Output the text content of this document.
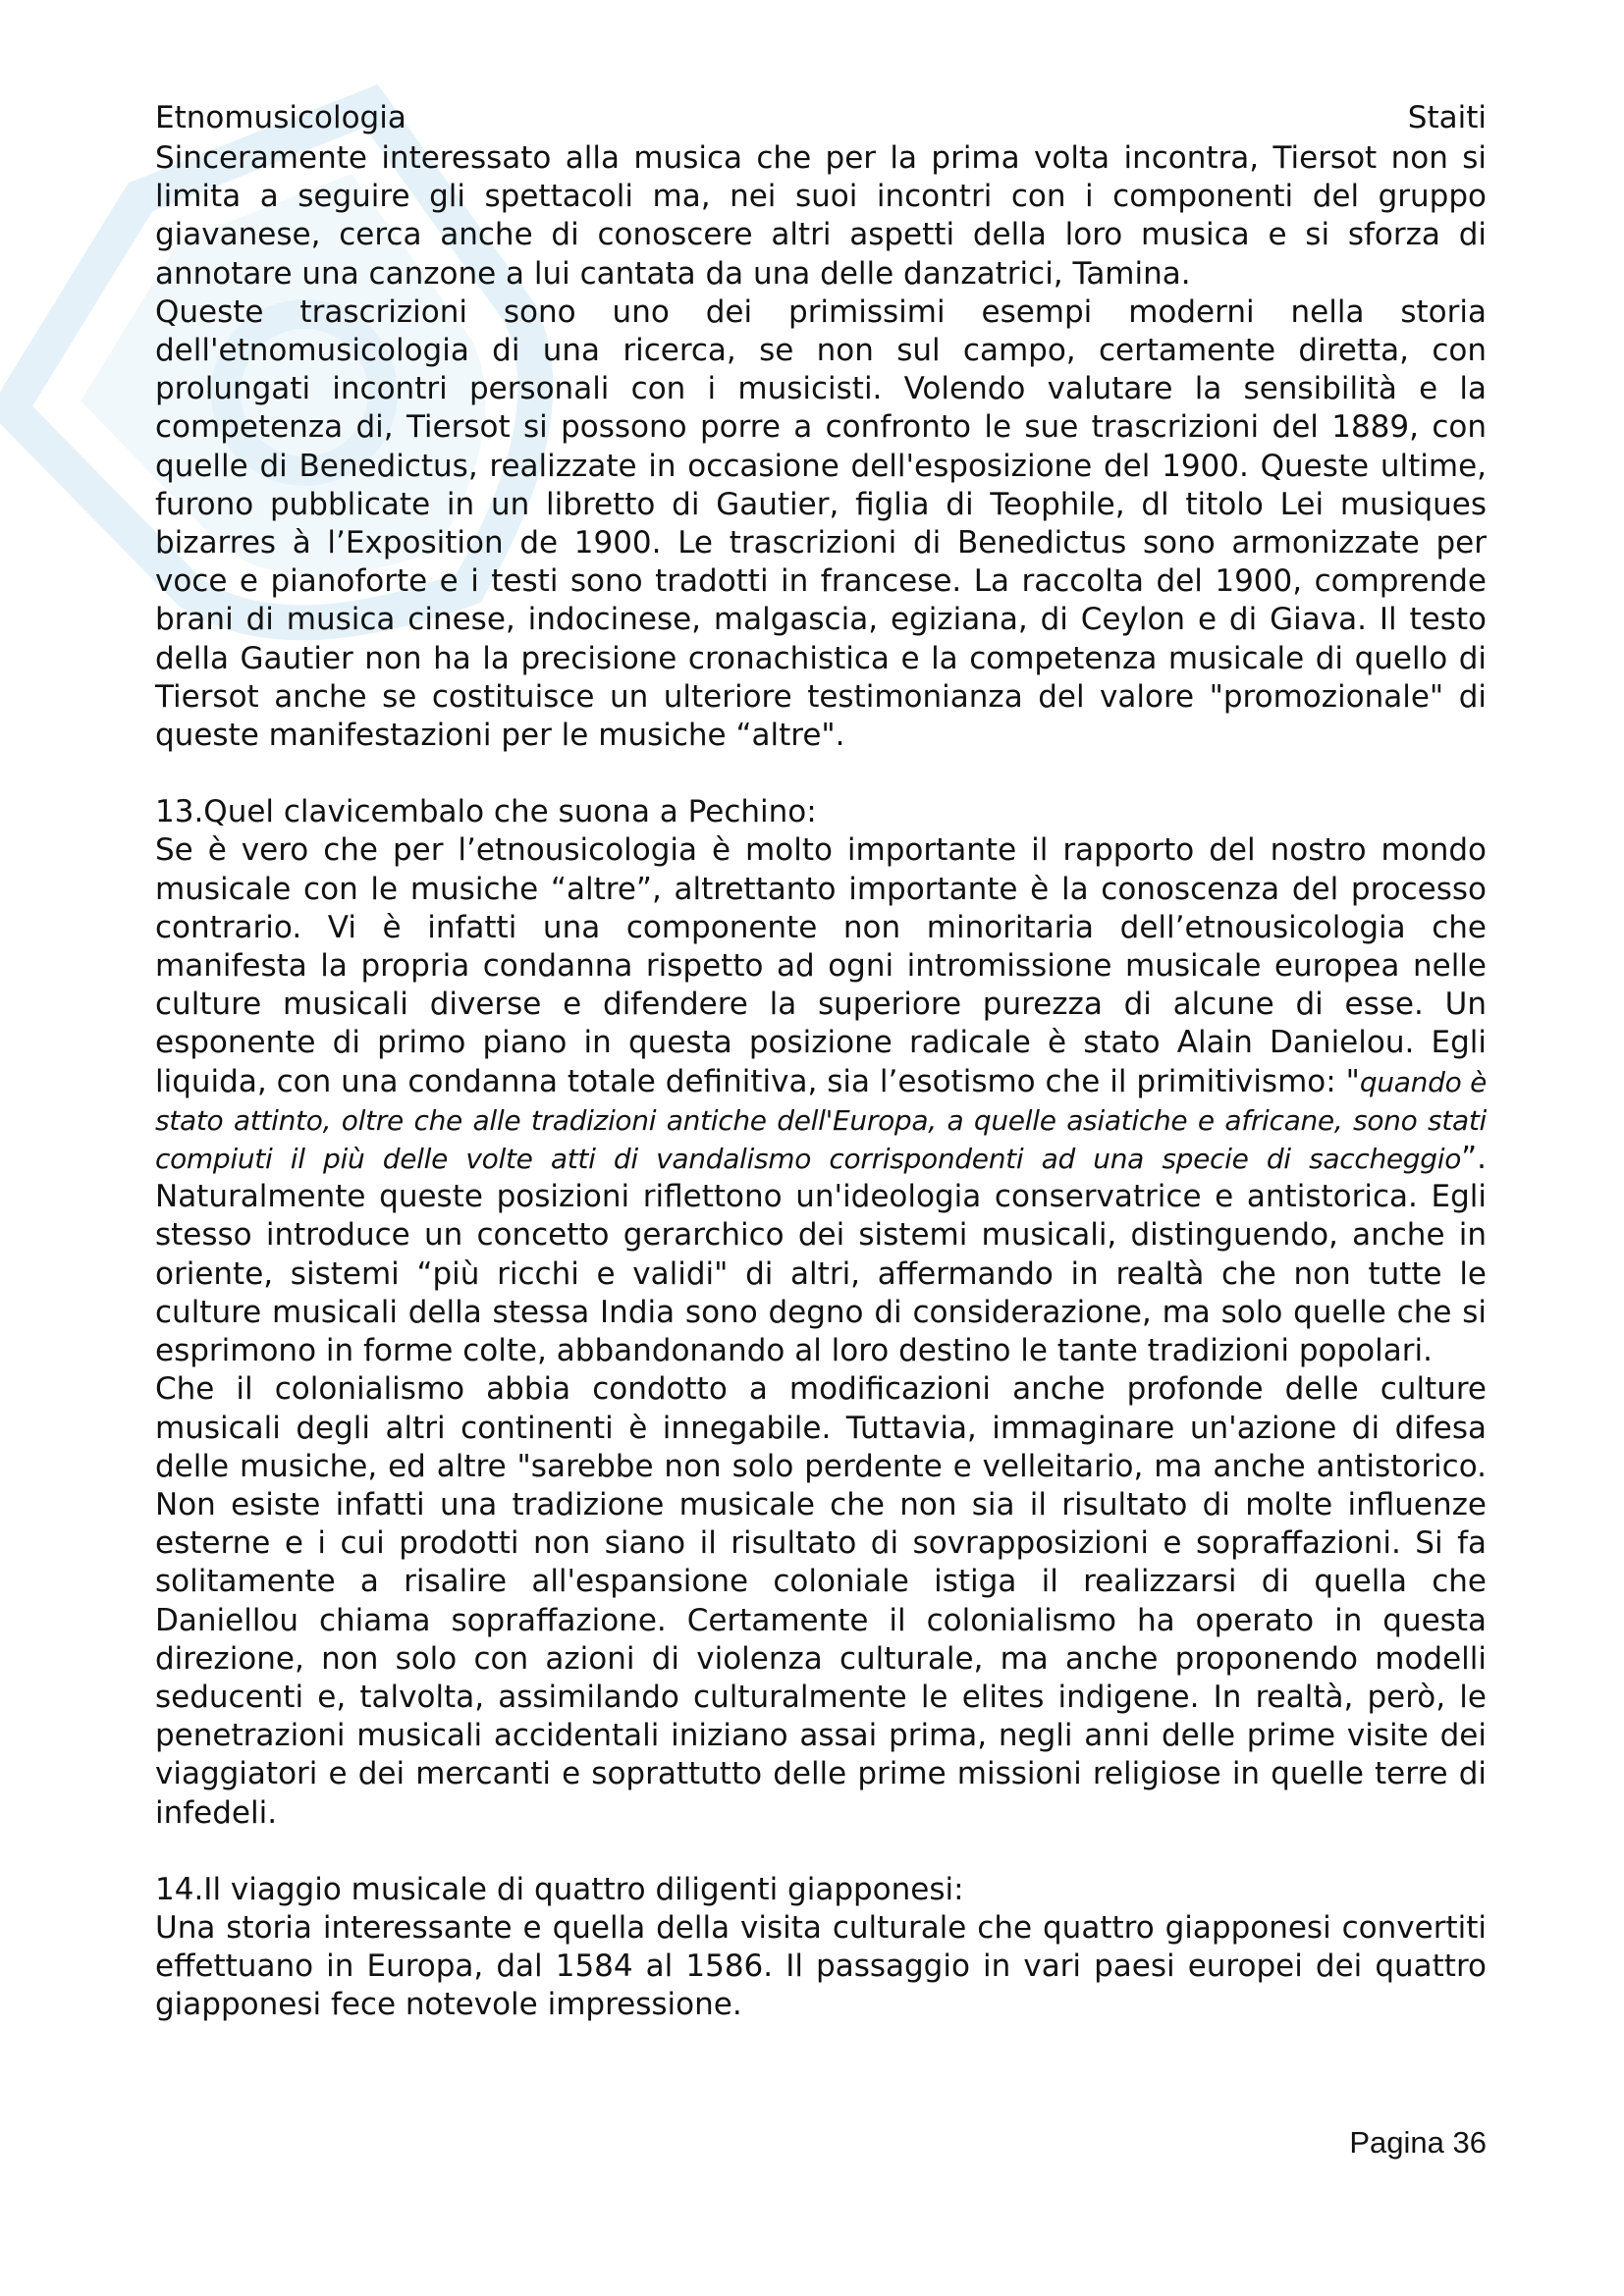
Etnomusicologia	Staiti

Sinceramente interessato alla musica che per la prima volta incontra, Tiersot non si limita a seguire gli spettacoli ma, nei suoi incontri con i componenti del gruppo giavanese, cerca anche di conoscere altri aspetti della loro musica e si sforza di annotare una canzone a lui cantata da una delle danzatrici, Tamina.

Queste trascrizioni sono uno dei primissimi esempi moderni nella storia dell'etnomusicologia di una ricerca, se non sul campo, certamente diretta, con prolungati incontri personali con i musicisti. Volendo valutare la sensibilità e la competenza di, Tiersot si possono porre a confronto le sue trascrizioni del 1889, con quelle di Benedictus, realizzate in occasione dell'esposizione del 1900. Queste ultime, furono pubblicate in un libretto di Gautier, figlia di Teophile, dl titolo Lei musiques bizarres à l’Exposition de 1900. Le trascrizioni di Benedictus sono armonizzate per voce e pianoforte e i testi sono tradotti in francese. La raccolta del 1900, comprende brani di musica cinese, indocinese, malgascia, egiziana, di Ceylon e di Giava. Il testo della Gautier non ha la precisione cronachistica e la competenza musicale di quello di Tiersot anche se costituisce un ulteriore testimonianza del valore "promozionale" di queste manifestazioni per le musiche “altre".

13.Quel clavicembalo che suona a Pechino:

Se è vero che per l’etnousicologia è molto importante il rapporto del nostro mondo musicale con le musiche “altre”, altrettanto importante è la conoscenza del processo contrario. Vi è infatti una componente non minoritaria dell’etnousicologia che manifesta la propria condanna rispetto ad ogni intromissione musicale europea nelle culture musicali diverse e difendere la superiore purezza di alcune di esse. Un esponente di primo piano in questa posizione radicale è stato Alain Danielou. Egli liquida, con una condanna totale definitiva, sia l’esotismo che il primitivismo: "quando è stato attinto, oltre che alle tradizioni antiche dell'Europa, a quelle asiatiche e africane, sono stati compiuti il più delle volte atti di vandalismo corrispondenti ad una specie di saccheggio”. Naturalmente queste posizioni riflettono un'ideologia conservatrice e antistorica. Egli stesso introduce un concetto gerarchico dei sistemi musicali, distinguendo, anche in oriente, sistemi “più ricchi e validi" di altri, affermando in realtà che non tutte le culture musicali della stessa India sono degno di considerazione, ma solo quelle che si esprimono in forme colte, abbandonando al loro destino le tante tradizioni popolari.

Che il colonialismo abbia condotto a modificazioni anche profonde delle culture musicali degli altri continenti è innegabile. Tuttavia, immaginare un'azione di difesa delle musiche, ed altre "sarebbe non solo perdente e velleitario, ma anche antistorico. Non esiste infatti una tradizione musicale che non sia il risultato di molte influenze esterne e i cui prodotti non siano il risultato di sovrapposizioni e sopraffazioni. Si fa solitamente a risalire all'espansione coloniale istiga il realizzarsi di quella che Daniellou chiama sopraffazione. Certamente il colonialismo ha operato in questa direzione, non solo con azioni di violenza culturale, ma anche proponendo modelli seducenti e, talvolta, assimilando culturalmente le elites indigene. In realtà, però, le penetrazioni musicali accidentali iniziano assai prima, negli anni delle prime visite dei viaggiatori e dei mercanti e soprattutto delle prime missioni religiose in quelle terre di infedeli.

14.Il viaggio musicale di quattro diligenti giapponesi:

Una storia interessante e quella della visita culturale che quattro giapponesi convertiti effettuano in Europa, dal 1584 al 1586. Il passaggio in vari paesi europei dei quattro giapponesi fece notevole impressione.

Pagina 36
